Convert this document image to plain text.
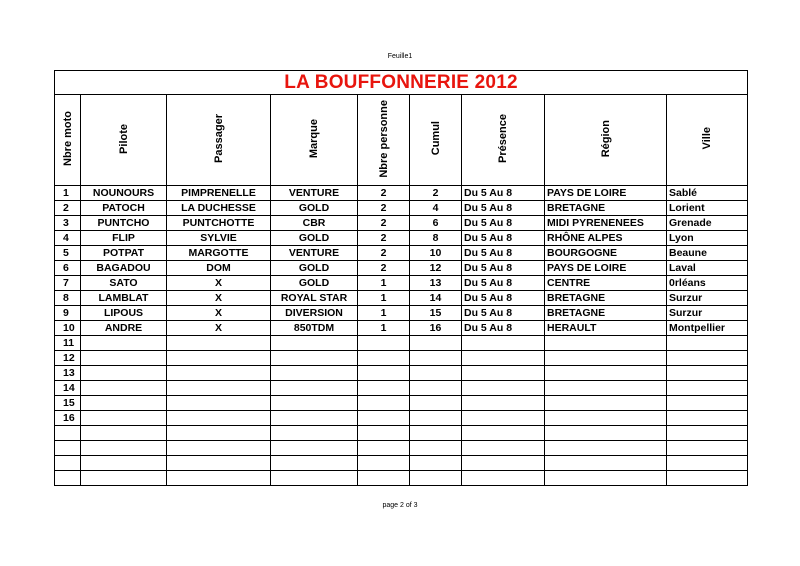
Feuille1
LA BOUFFONNERIE 2012								
Nbre moto	Pilote	Passager	Marque	Nbre personne	Cumul	Présence	Région	Ville
1	NOUNOURS	PIMPRENELLE	VENTURE	2	2	Du 5 Au 8	PAYS DE LOIRE	Sablé
2	PATOCH	LA DUCHESSE	GOLD	2	4	Du 5 Au 8	BRETAGNE	Lorient
3	PUNTCHO	PUNTCHOTTE	CBR	2	6	Du 5 Au 8	MIDI PYRENENEES	Grenade
4	FLIP	SYLVIE	GOLD	2	8	Du 5 Au 8	RHÔNE ALPES	Lyon
5	POTPAT	MARGOTTE	VENTURE	2	10	Du 5 Au 8	BOURGOGNE	Beaune
6	BAGADOU	DOM	GOLD	2	12	Du 5 Au 8	PAYS DE LOIRE	Laval
7	SATO	X	GOLD	1	13	Du 5 Au 8	CENTRE	0rléans
8	LAMBLAT	X	ROYAL STAR	1	14	Du 5 Au 8	BRETAGNE	Surzur
9	LIPOUS	X	DIVERSION	1	15	Du 5 Au 8	BRETAGNE	Surzur
10	ANDRE	X	850TDM	1	16	Du 5 Au 8	HERAULT	Montpellier
11								
12								
13								
14								
15								
16								

page 2 of 3
